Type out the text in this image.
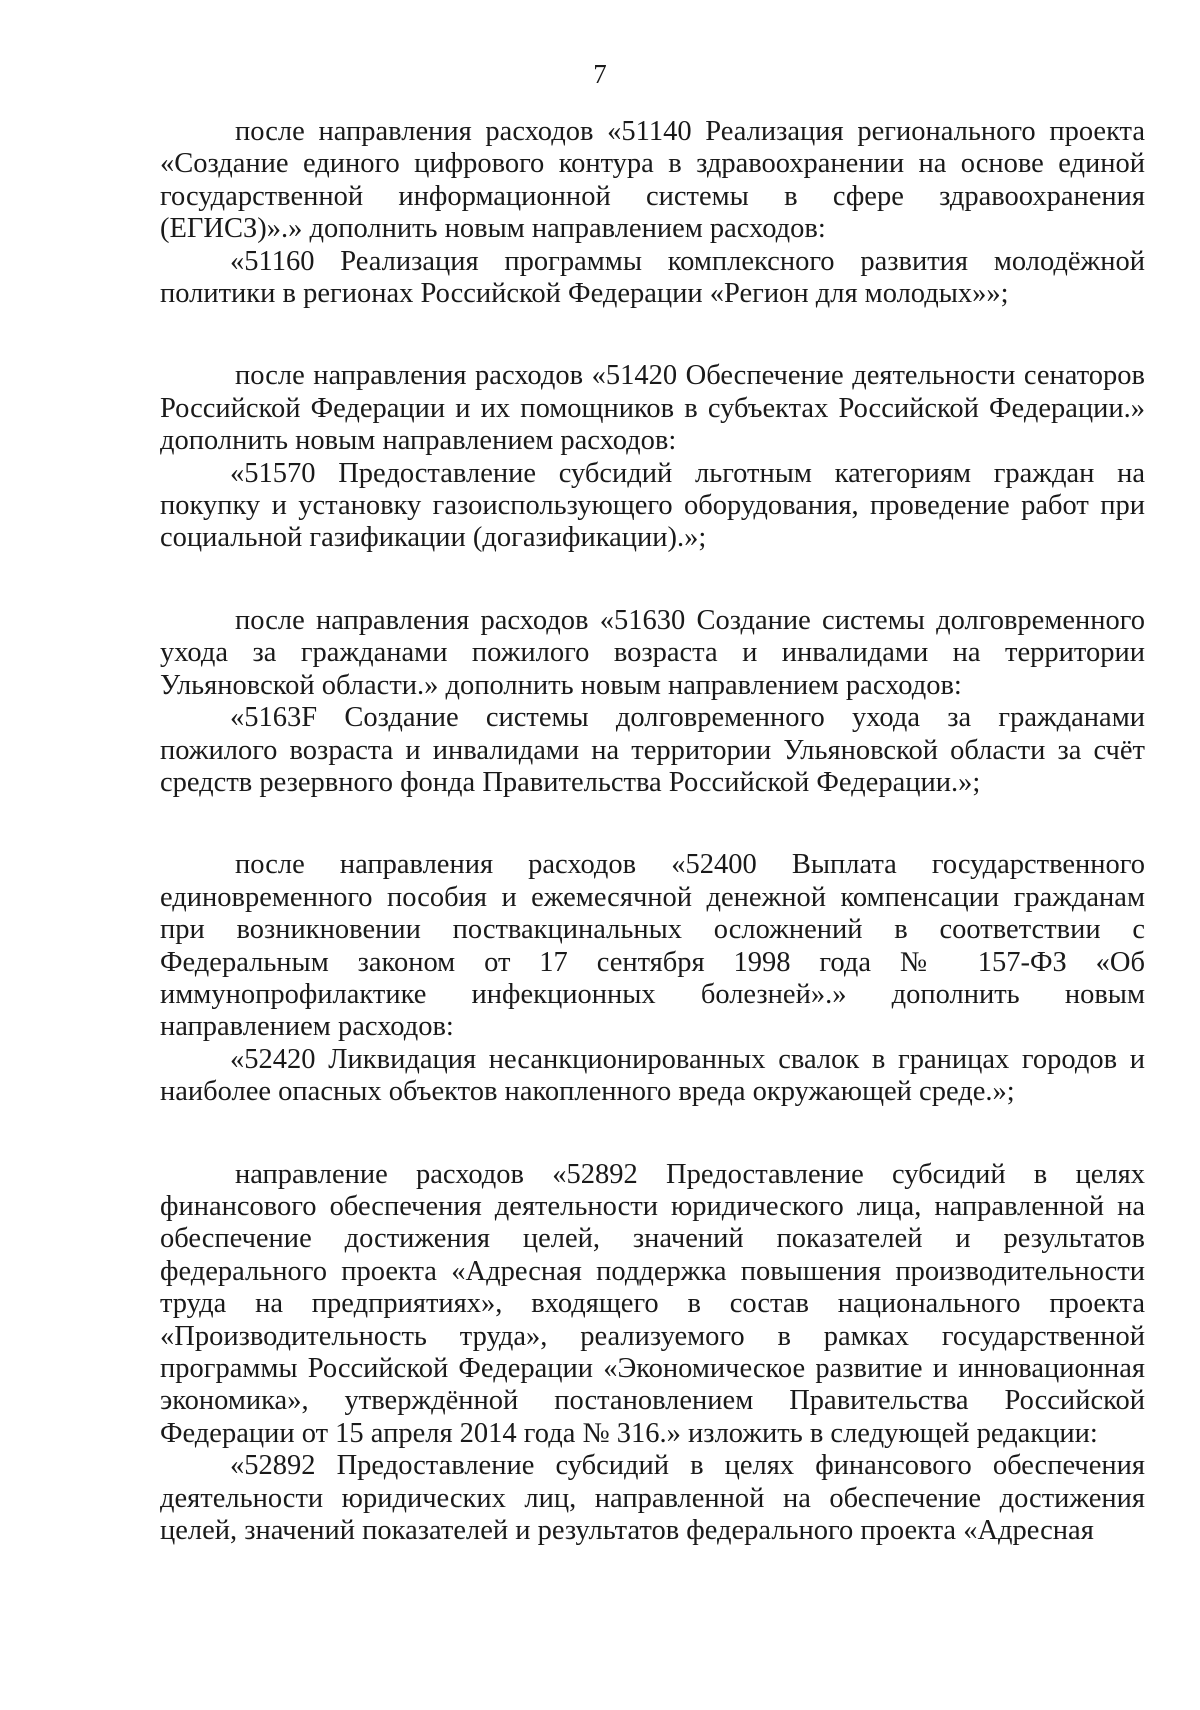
7

после направления расходов «51140 Реализация регионального проекта «Создание единого цифрового контура в здравоохранении на основе единой государственной информационной системы в сфере здравоохранения (ЕГИСЗ)».» дополнить новым направлением расходов:

«51160 Реализация программы комплексного развития молодёжной политики в регионах Российской Федерации «Регион для молодых»»;

после направления расходов «51420 Обеспечение деятельности сенаторов Российской Федерации и их помощников в субъектах Российской Федерации.» дополнить новым направлением расходов:

«51570 Предоставление субсидий льготным категориям граждан на покупку и установку газоиспользующего оборудования, проведение работ при социальной газификации (догазификации).»;

после направления расходов «51630 Создание системы долговременного ухода за гражданами пожилого возраста и инвалидами на территории Ульяновской области.» дополнить новым направлением расходов:

«5163F Создание системы долговременного ухода за гражданами пожилого возраста и инвалидами на территории Ульяновской области за счёт средств резервного фонда Правительства Российской Федерации.»;

после направления расходов «52400 Выплата государственного единовременного пособия и ежемесячной денежной компенсации гражданам при возникновении поствакцинальных осложнений в соответствии с Федеральным законом от 17 сентября 1998 года № 157-ФЗ «Об иммунопрофилактике инфекционных болезней».» дополнить новым направлением расходов:

«52420 Ликвидация несанкционированных свалок в границах городов и наиболее опасных объектов накопленного вреда окружающей среде.»;

направление расходов «52892 Предоставление субсидий в целях финансового обеспечения деятельности юридического лица, направленной на обеспечение достижения целей, значений показателей и результатов федерального проекта «Адресная поддержка повышения производительности труда на предприятиях», входящего в состав национального проекта «Производительность труда», реализуемого в рамках государственной программы Российской Федерации «Экономическое развитие и инновационная экономика», утверждённой постановлением Правительства Российской Федерации от 15 апреля 2014 года № 316.» изложить в следующей редакции:

«52892 Предоставление субсидий в целях финансового обеспечения деятельности юридических лиц, направленной на обеспечение достижения целей, значений показателей и результатов федерального проекта «Адресная
